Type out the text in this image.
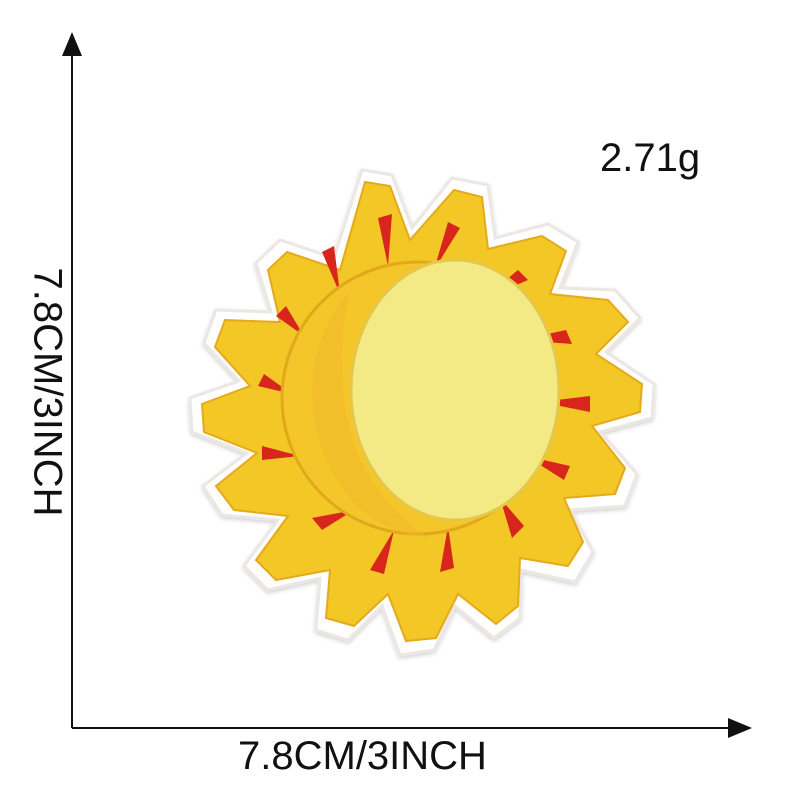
2.71g
7.8CM/3INCH
7.8CM/3INCH
